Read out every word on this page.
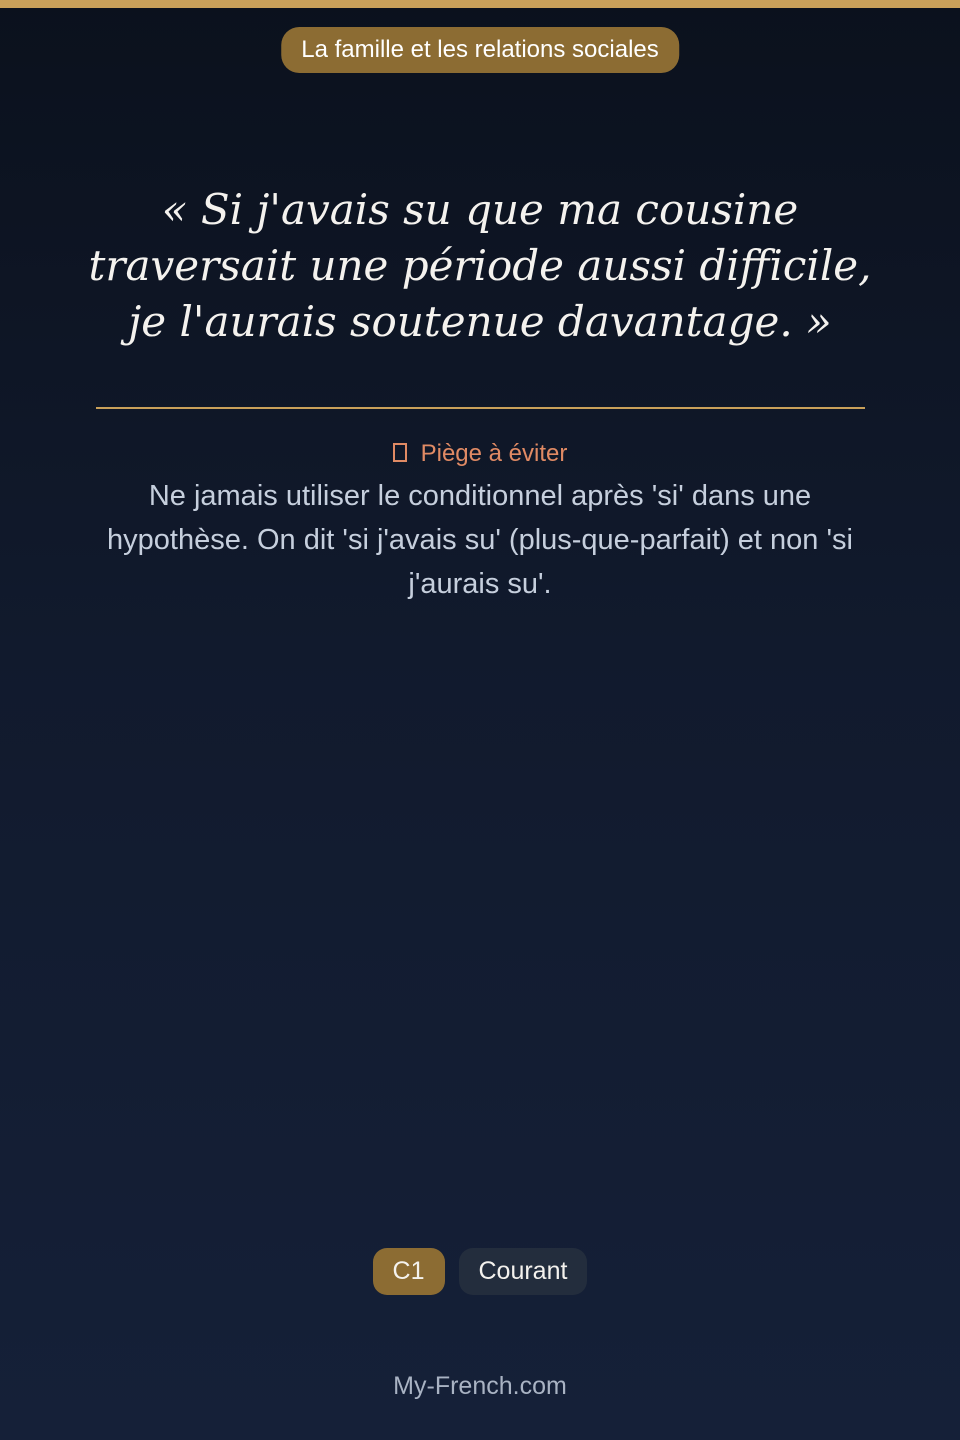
La famille et les relations sociales

« Si j'avais su que ma cousine traversait une période aussi difficile, je l'aurais soutenue davantage. »

Piège à éviter
Ne jamais utiliser le conditionnel après 'si' dans une hypothèse. On dit 'si j'avais su' (plus-que-parfait) et non 'si j'aurais su'.
C1	Courant
My-French.com
